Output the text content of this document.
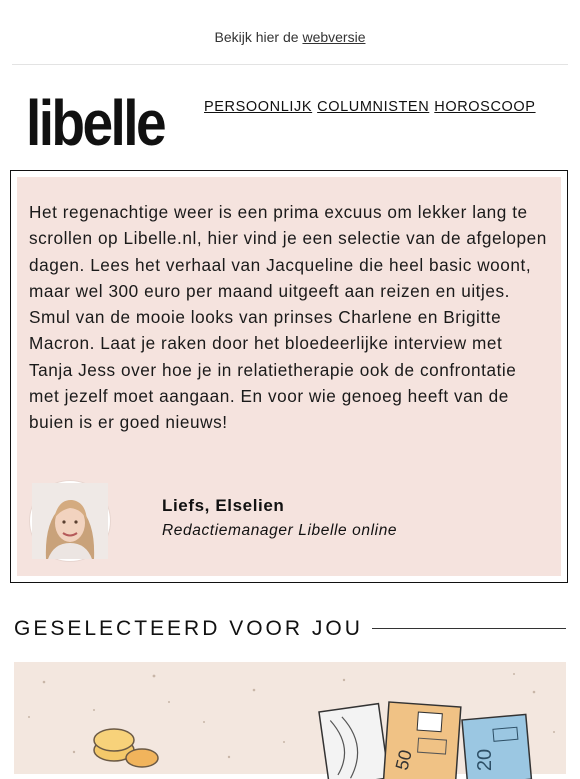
Bekijk hier de webversie
libelle	PERSOONLIJK COLUMNISTEN HOROSCOOP
Het regenachtige weer is een prima excuus om lekker lang te scrollen op Libelle.nl, hier vind je een selectie van de afgelopen dagen. Lees het verhaal van Jacqueline die heel basic woont, maar wel 300 euro per maand uitgeeft aan reizen en uitjes. Smul van de mooie looks van prinses Charlene en Brigitte Macron. Laat je raken door het bloedeerlijke interview met Tanja Jess over hoe je in relatietherapie ook de confrontatie met jezelf moet aangaan. En voor wie genoeg heeft van de buien is er goed nieuws!
Liefs, Elselien
Redactiemanager Libelle online
GESELECTEERD VOOR JOU
50	20
